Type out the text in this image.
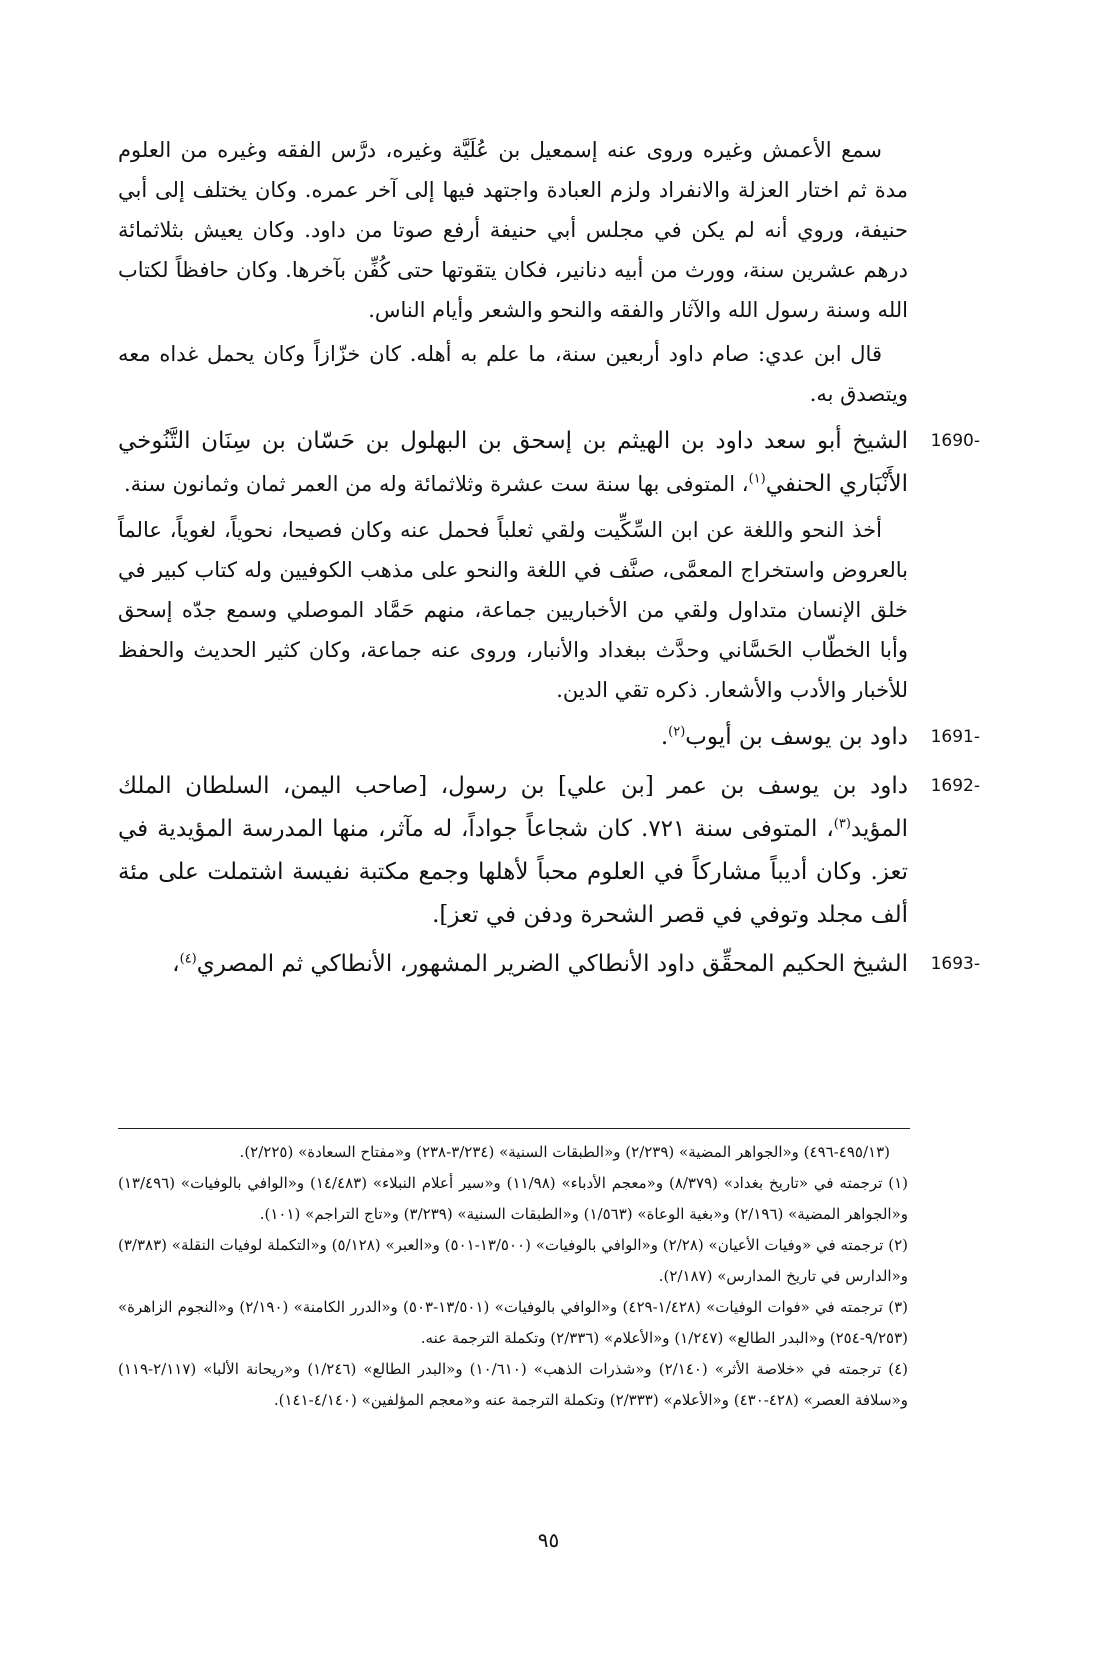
سمع الأعمش وغيره وروى عنه إسمعيل بن عُلَيَّة وغيره، درَّس الفقه وغيره من العلوم مدة ثم اختار العزلة والانفراد ولزم العبادة واجتهد فيها إلى آخر عمره. وكان يختلف إلى أبي حنيفة، وروي أنه لم يكن في مجلس أبي حنيفة أرفع صوتا من داود. وكان يعيش بثلاثمائة درهم عشرين سنة، وورث من أبيه دنانير، فكان يتقوتها حتى كُفِّن بآخرها. وكان حافظاً لكتاب الله وسنة رسول الله والآثار والفقه والنحو والشعر وأيام الناس.

قال ابن عدي: صام داود أربعين سنة، ما علم به أهله. كان خزّازاً وكان يحمل غداه معه ويتصدق به.

1690-
الشيخ أبو سعد داود بن الهيثم بن إسحق بن البهلول بن حَسّان بن سِنَان التَّنُوخي الأَنْبَاري الحنفي$^{(١)}$، المتوفى بها سنة ست عشرة وثلاثمائة وله من العمر ثمان وثمانون سنة.

أخذ النحو واللغة عن ابن السِّكِّيت ولقي ثعلباً فحمل عنه وكان فصيحا، نحوياً، لغوياً، عالماً بالعروض واستخراج المعمَّى، صنَّف في اللغة والنحو على مذهب الكوفيين وله كتاب كبير في خلق الإنسان متداول ولقي من الأخباريين جماعة، منهم حَمَّاد الموصلي وسمع جدّه إسحق وأبا الخطّاب الحَسَّاني وحدَّث ببغداد والأنبار، وروى عنه جماعة، وكان كثير الحديث والحفظ للأخبار والأدب والأشعار. ذكره تقي الدين.

1691-
داود بن يوسف بن أيوب$^{(٢)}$.
1692-
داود بن يوسف بن عمر [بن علي] بن رسول، [صاحب اليمن، السلطان الملك المؤيد$^{(٣)}$، المتوفى سنة ٧٢١. كان شجاعاً جواداً، له مآثر، منها المدرسة المؤيدية في تعز. وكان أديباً مشاركاً في العلوم محباً لأهلها وجمع مكتبة نفيسة اشتملت على مئة ألف مجلد وتوفي في قصر الشحرة ودفن في تعز].
1693-
الشيخ الحكيم المحقِّق داود الأنطاكي الضرير المشهور، الأنطاكي ثم المصري$^{(٤)}$،

(٤٩٥/١٣-٤٩٦) و«الجواهر المضية» (٢/٢٣٩) و«الطبقات السنية» (٣/٢٣٤-٢٣٨) و«مفتاح السعادة» (٢/٢٢٥).

(١) ترجمته في «تاريخ بغداد» (٨/٣٧٩) و«معجم الأدباء» (١١/٩٨) و«سير أعلام النبلاء» (١٤/٤٨٣) و«الوافي بالوفيات» (١٣/٤٩٦) و«الجواهر المضية» (٢/١٩٦) و«بغية الوعاة» (١/٥٦٣) و«الطبقات السنية» (٣/٢٣٩) و«تاج التراجم» (١٠١).

(٢) ترجمته في «وفيات الأعيان» (٢/٢٨) و«الوافي بالوفيات» (١٣/٥٠٠-٥٠١) و«العبر» (٥/١٢٨) و«التكملة لوفيات النقلة» (٣/٣٨٣) و«الدارس في تاريخ المدارس» (٢/١٨٧).

(٣) ترجمته في «فوات الوفيات» (١/٤٢٨-٤٢٩) و«الوافي بالوفيات» (١٣/٥٠١-٥٠٣) و«الدرر الكامنة» (٢/١٩٠) و«النجوم الزاهرة» (٩/٢٥٣-٢٥٤) و«البدر الطالع» (١/٢٤٧) و«الأعلام» (٢/٣٣٦) وتكملة الترجمة عنه.

(٤) ترجمته في «خلاصة الأثر» (٢/١٤٠) و«شذرات الذهب» (١٠/٦١٠) و«البدر الطالع» (١/٢٤٦) و«ريحانة الألبا» (٢/١١٧-١١٩) و«سلافة العصر» (٤٢٨-٤٣٠) و«الأعلام» (٢/٣٣٣) وتكملة الترجمة عنه و«معجم المؤلفين» (٤/١٤٠-١٤١).

٩٥
